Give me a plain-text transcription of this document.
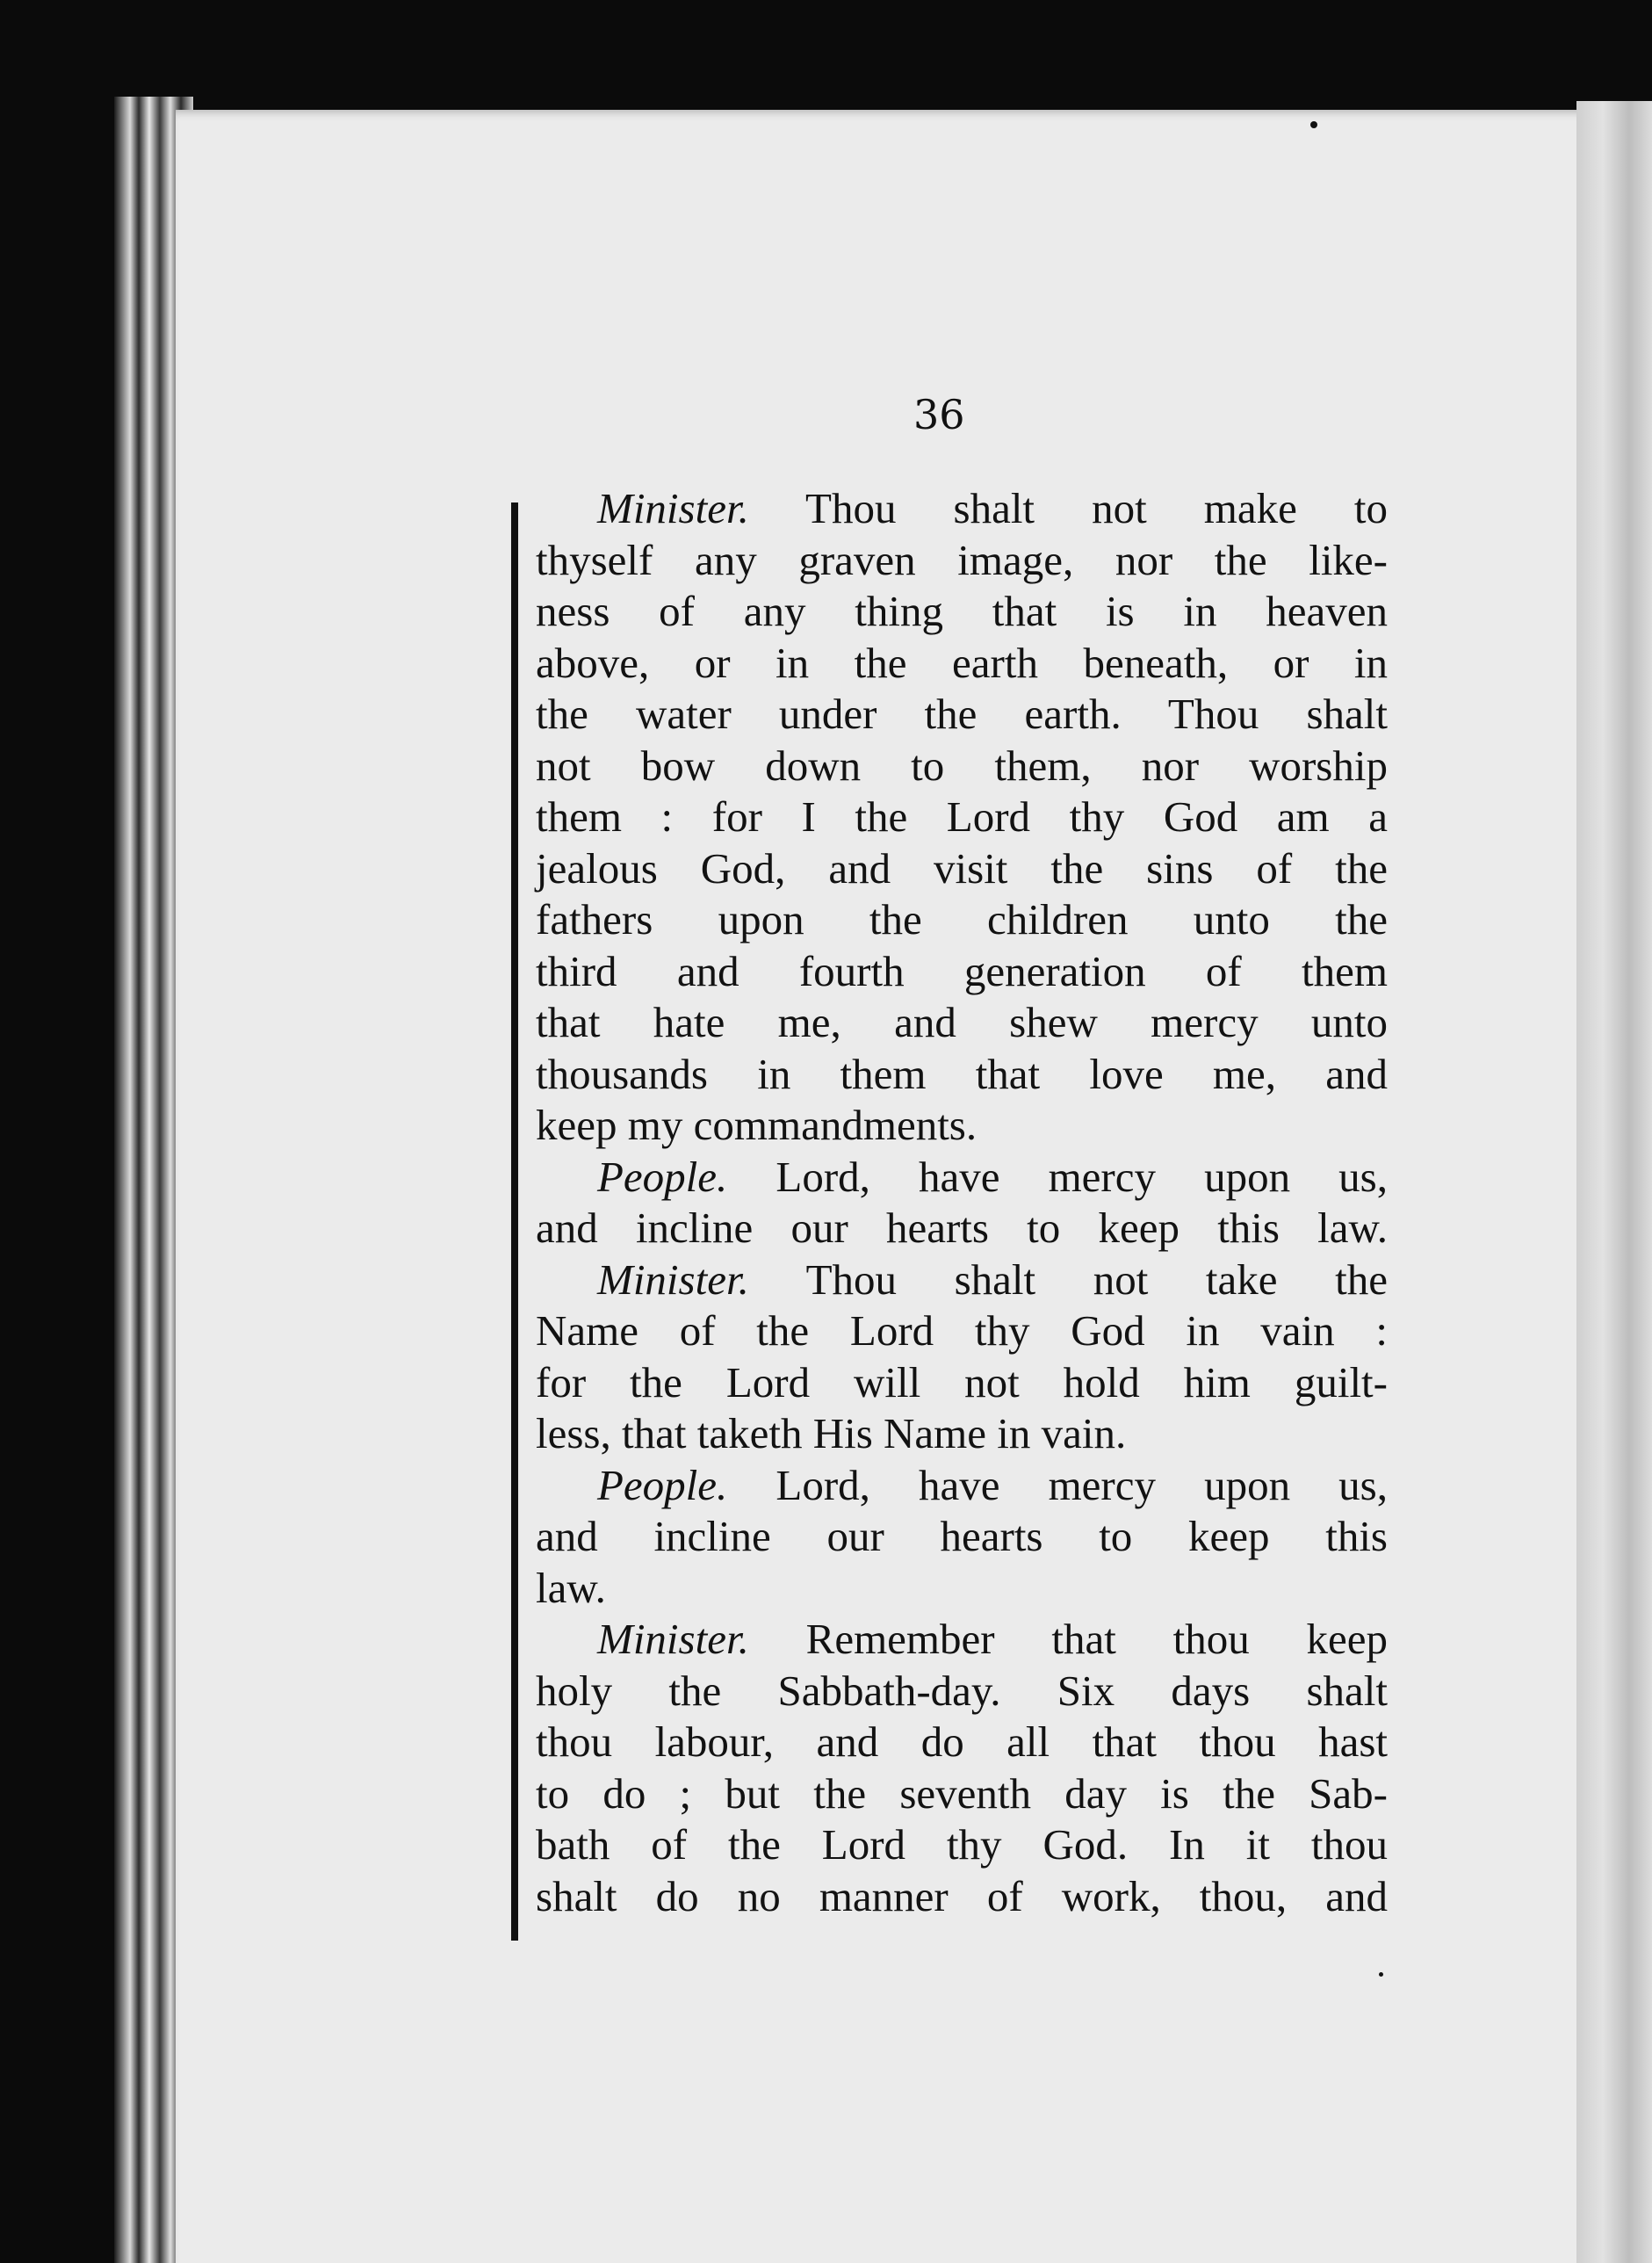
36
Minister. Thou shalt not make to
thyself any graven image, nor the like-
ness of any thing that is in heaven
above, or in the earth beneath, or in
the water under the earth. Thou shalt
not bow down to them, nor worship
them : for I the Lord thy God am a
jealous God, and visit the sins of the
fathers upon the children unto the
third and fourth generation of them
that hate me, and shew mercy unto
thousands in them that love me, and
keep my commandments.
People. Lord, have mercy upon us,
and incline our hearts to keep this law.
Minister. Thou shalt not take the
Name of the Lord thy God in vain :
for the Lord will not hold him guilt-
less, that taketh His Name in vain.
People. Lord, have mercy upon us,
and incline our hearts to keep this
law.
Minister. Remember that thou keep
holy the Sabbath-day. Six days shalt
thou labour, and do all that thou hast
to do ; but the seventh day is the Sab-
bath of the Lord thy God. In it thou
shalt do no manner of work, thou, and
